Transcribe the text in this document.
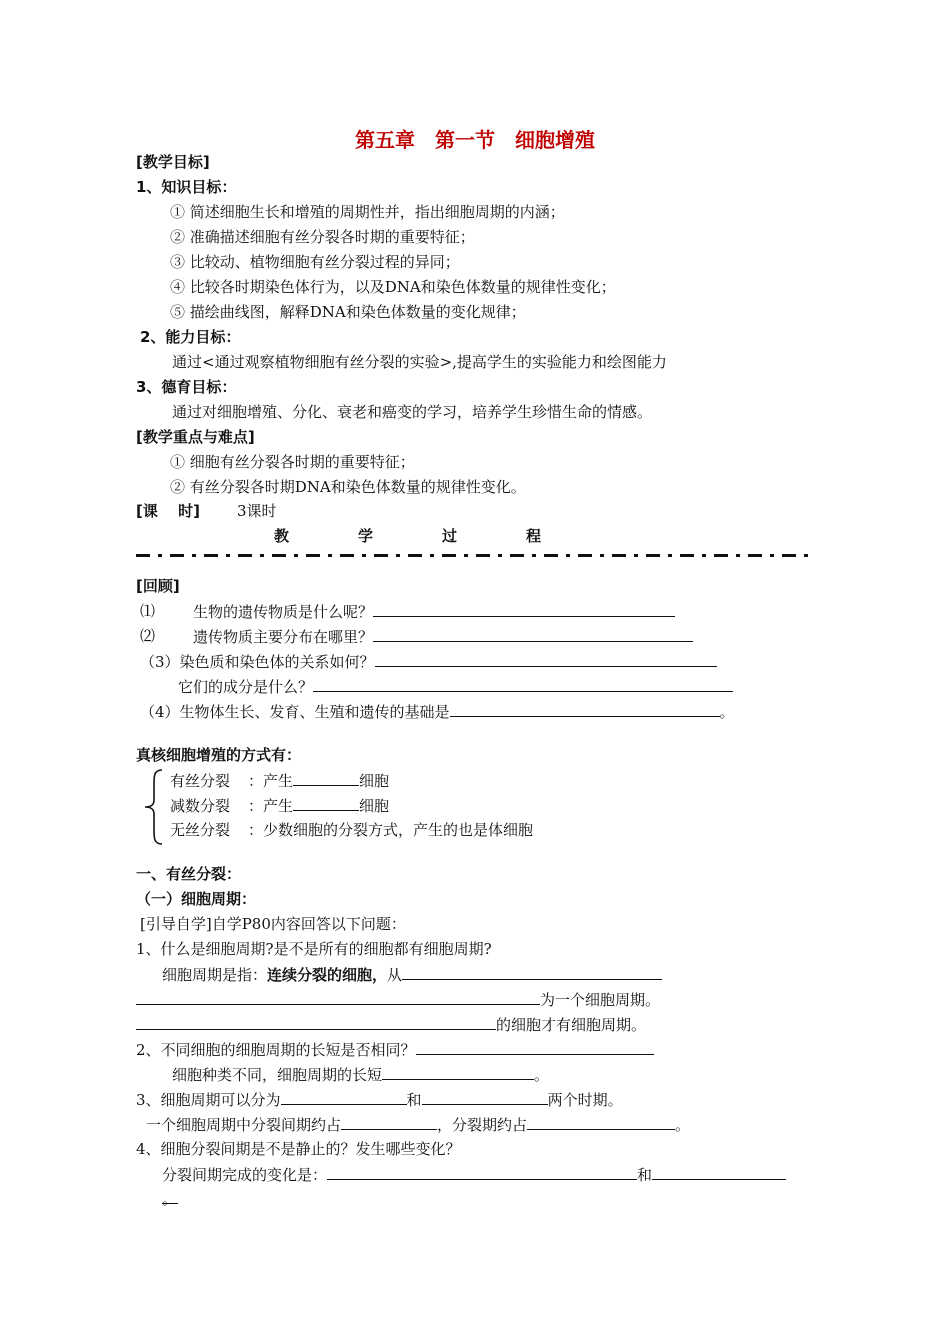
第五章　第一节　细胞增殖
[教学目标]
1、知识目标：
① 简述细胞生长和增殖的周期性并，指出细胞周期的内涵；
② 准确描述细胞有丝分裂各时期的重要特征；
③ 比较动、植物细胞有丝分裂过程的异同；
④ 比较各时期染色体行为，以及DNA和染色体数量的规律性变化；
⑤ 描绘曲线图，解释DNA和染色体数量的变化规律；
2、能力目标：
通过<通过观察植物细胞有丝分裂的实验>,提高学生的实验能力和绘图能力
3、德育目标：
通过对细胞增殖、分化、衰老和癌变的学习，培养学生珍惜生命的情感。
[教学重点与难点]
① 细胞有丝分裂各时期的重要特征；
② 有丝分裂各时期DNA和染色体数量的规律性变化。
[课　 时] 3课时
教	学	过	程
[回顾]
⑴	生物的遗传物质是什么呢？
⑵	遗传物质主要分布在哪里？
（3）染色质和染色体的关系如何？
它们的成分是什么？
（4）生物体生长、发育、生殖和遗传的基础是	。
真核细胞增殖的方式有：
有丝分裂 ：产生	细胞
减数分裂 ：产生	细胞
无丝分裂 ：少数细胞的分裂方式，产生的也是体细胞
一、有丝分裂：
（一）细胞周期：
[引导自学]自学P80内容回答以下问题：
1、什么是细胞周期?是不是所有的细胞都有细胞周期?
细胞周期是指：连续分裂的细胞，从
为一个细胞周期。
的细胞才有细胞周期。
2、不同细胞的细胞周期的长短是否相同？
细胞种类不同，细胞周期的长短	。
3、细胞周期可以分为	和	两个时期。
一个细胞周期中分裂间期约占	，分裂期约占	。
4、细胞分裂间期是不是静止的？发生哪些变化？
分裂间期完成的变化是：	和
。
